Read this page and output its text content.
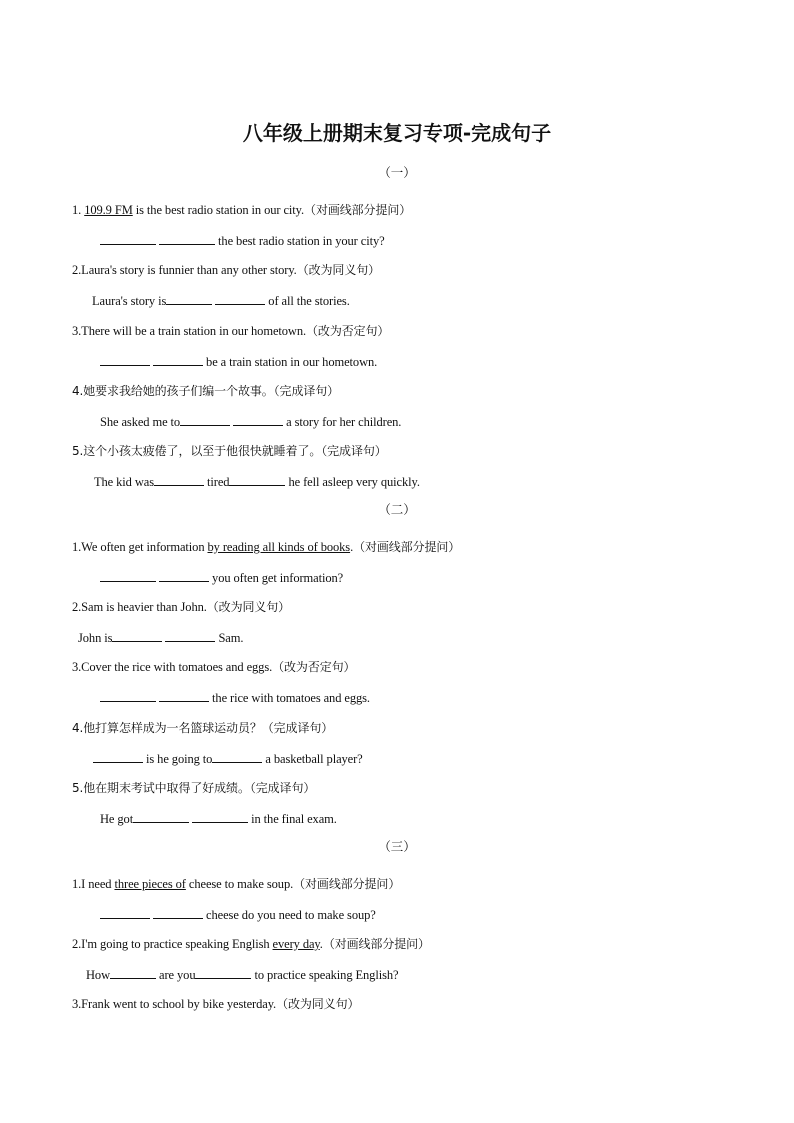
八年级上册期末复习专项-完成句子
（一）
1. 109.9 FM is the best radio station in our city.（对画线部分提问）
the best radio station in your city?
2.Laura's story is funnier than any other story.（改为同义句）
Laura's story is	of all the stories.
3.There will be a train station in our hometown.（改为否定句）
be a train station in our hometown.
4.她要求我给她的孩子们编一个故事。（完成译句）
She asked me to	a story for her children.
5.这个小孩太疲倦了，以至于他很快就睡着了。（完成译句）
The kid was	tired	he fell asleep very quickly.
（二）
1.We often get information by reading all kinds of books.（对画线部分提问）
you often get information?
2.Sam is heavier than John.（改为同义句）
John is	Sam.
3.Cover the rice with tomatoes and eggs.（改为否定句）
the rice with tomatoes and eggs.
4.他打算怎样成为一名篮球运动员？（完成译句）
is he going to	a basketball player?
5.他在期末考试中取得了好成绩。（完成译句）
He got	in the final exam.
（三）
1.I need three pieces of cheese to make soup.（对画线部分提问）
cheese do you need to make soup?
2.I'm going to practice speaking English every day.（对画线部分提问）
How	are you	to practice speaking English?
3.Frank went to school by bike yesterday.（改为同义句）
